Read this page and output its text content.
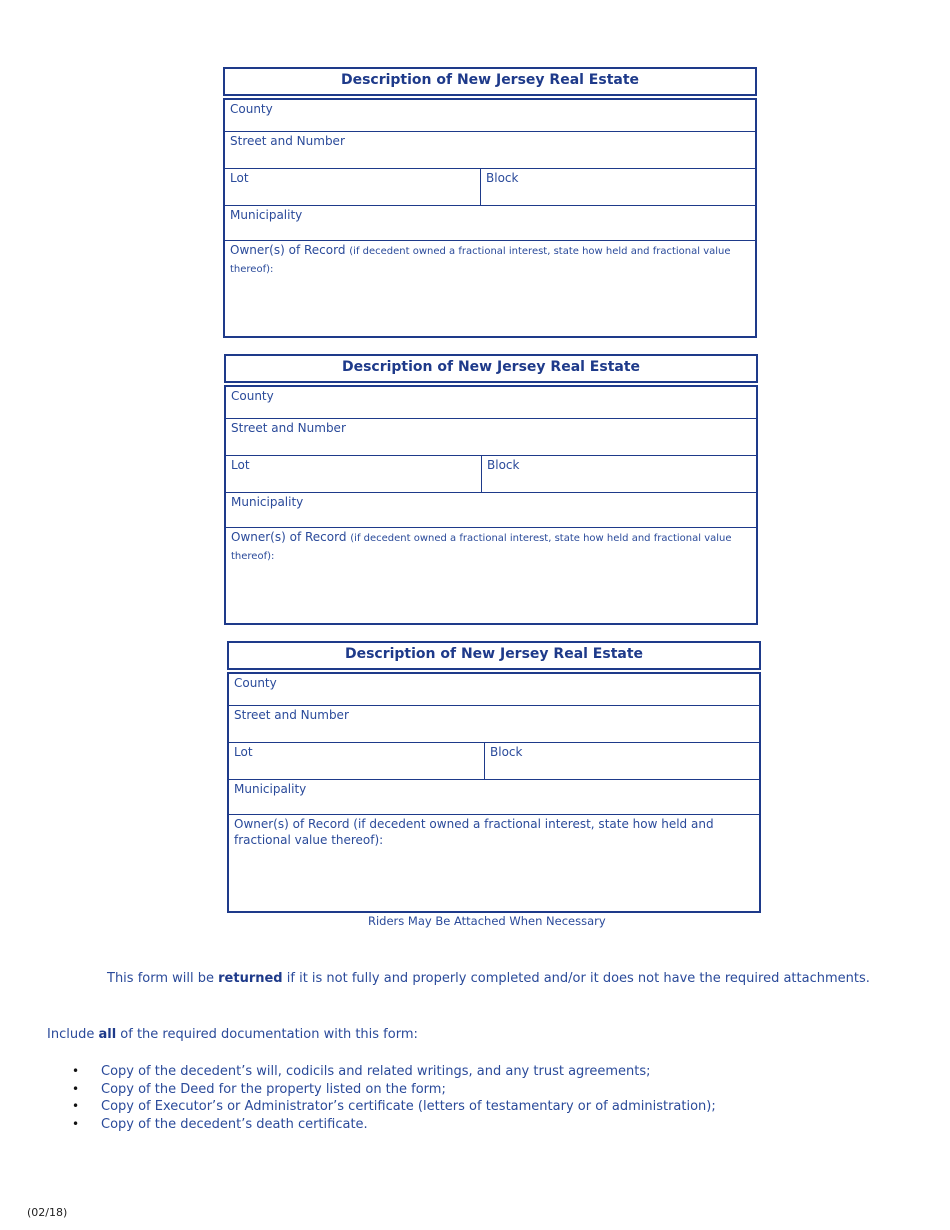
Description of New Jersey Real Estate
County
Street and Number
Lot	Block
Municipality
Owner(s) of Record (if decedent owned a fractional interest, state how held and fractional value thereof):
Description of New Jersey Real Estate
County
Street and Number
Lot	Block
Municipality
Owner(s) of Record (if decedent owned a fractional interest, state how held and fractional value thereof):
Description of New Jersey Real Estate
County
Street and Number
Lot	Block
Municipality
Owner(s) of Record (if decedent owned a fractional interest, state how held and fractional value thereof):
Riders May Be Attached When Necessary
This form will be returned if it is not fully and properly completed and/or it does not have the required attachments.
Include all of the required documentation with this form:
• Copy of the decedent’s will, codicils and related writings, and any trust agreements;
• Copy of the Deed for the property listed on the form;
• Copy of Executor’s or Administrator’s certificate (letters of testamentary or of administration);
• Copy of the decedent’s death certificate.
(02/18)
